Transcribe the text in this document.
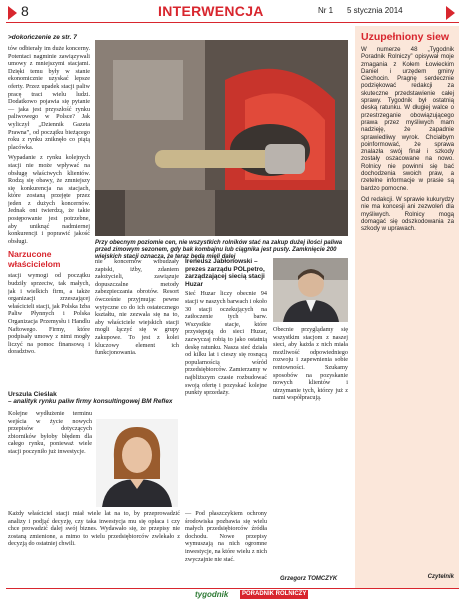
8	INTERWENCJA	Nr 1 5 stycznia 2014
>dokończenie ze str. 7

tów odbierały im duże koncerny. Potentaci nagminie zawiązywali umowy z mniejszymi stacjami. Dzięki temu były w stanie ekonomicznie uzyskać lepsze oferty. Przez upadek stacji paliw pracę traci wielu ludzi. Dodatkowo pojawia się pytanie — jaka jest przyszłość rynku paliwowego w Polsce? Jak wyliczył „Dziennik Gazeta Prawna”, od początku bieżącego roku z rynku zniknęło co piątą placówka.

Wypadanie z rynku kolejnych stacji nie może wpływać na obsługę właściwych klientów. Rodzą się obawy, że zmniejszy się konkurencja na stacjach, które zostaną przejęte przez jeden z dużych koncernów. Jednak oni twierdzą, że takie postępowanie jest potrzebne, aby uniknąć nadmiernej konkurencji i poprawić jakość obsługi.

Narzucone właścicielom

stacji wymogi od początku budziły sprzeciw, tak małych, jak i wielkich firm, a także organizacji zrzeszającej właścicieli stacji, jak Polska Izba Paliw Płynnych i Polska Organizacja Przemysłu i Handlu Naftowego. Firmy, które podpisały umowy z nimi mogły liczyć na pomoc finansową i doradztwo.

Przy obecnym poziomie cen, nie wszystkich rolników stać na zakup dużej ilości paliwa przed zimowym sezonem, gdy bak kombajnu lub ciągnika jest pusty. Zamknięcie 200 wiejskich stacji oznacza, że teraz będą mieli dalej
nie koncernów wibudzały zapiski, iżby, zdaniem założycieli, zawiązuje dopuszczalne metody zabezpieczania obrotów. Resort ówcześnie przyjmując pewne wytyczne co do ich ostatecznego kształtu, nie zezwala się na to, aby właściciele wiejskich stacji mogli łączyć się w grupy zakupowe. To jest z kolei kluczowy element ich funkcjonowania.
Ireneusz Jabłonowski – prezes zarządu POLpetro, zarządzającej siecią stacji Huzar
Sieć Huzar liczy obecnie 94 stacji w naszych barwach i około 30 stacji oczekujących na zatłoczenie tych barw. Wszystkie stacje, które przystępują do sieci Huzar, zazwyczaj robią to jako ostatnią deskę ratunku. Nasza sieć działa od kilku lat i cieszy się rosnącą popularnością wśród przedsiębiorców. Zamierzamy w najbliższym czasie rozbudować swoją ofertę i pozyskać kolejne punkty sprzedaży.
Obecnie przyglądamy się wszystkim stacjom z naszej sieci, aby każda z nich miała możliwość odpowiedniego rozwoju i zapewnienia sobie rentowności. Szukamy sposobów na pozyskanie nowych klientów i utrzymanie tych, którzy już z nami współpracują.
Urszula Cieślak
– analityk rynku paliw firmy konsultingowej BM Reflex
Kolejne wydłużenie terminu wejścia w życie nowych przepisów dotyczących zbiorników byłoby błędem dla całego rynku, ponieważ wiele stacji poczyniło już inwestycje.
Każdy właściciel stacji miał wiele lat na to, by przeprowadzić analizy i podjąć decyzję, czy taka inwestycja mu się opłaca i czy chce prowadzić dalej swój biznes. Wydawało się, że przepisy nie zostaną zmienione, a mimo to wielu przedsiębiorców zwlekało z decyzją do ostatniej chwili.
— Pod płaszczykiem ochrony środowiska pozbawia się wielu małych przedsiębiorców źródła dochodu. Nowe przepisy wymuszają na nich ogromne inwestycje, na które wielu z nich zwyczajnie nie stać.
Grzegorz TOMCZYK
Uzupełniony siew

W numerze 48 „Tygodnik Poradnik Rolniczy” opisywał moje zmagania z Kołem Łowieckim Daniel i urzędem gminy Ciechocin. Pragnę serdecznie podziękować redakcji za skuteczne przedstawienie całej sprawy. Tygodnik był ostatnią deską ratunku. W długiej walce o przestrzeganie obowiązującego prawa przez myśliwych mam nadzieję, że zapadnie sprawiedliwy wyrok. Chciałbym poinformować, że sprawa znalazła swój finał i szkody zostały oszacowane na nowo. Rolnicy nie powinni się bać dochodzenia swoich praw, a rzetelne informacje w prasie są bardzo pomocne.

Od redakcji. W sprawie kukurydzy nie ma koncesji ani zezwoleń dla myśliwych. Rolnicy mogą domagać się odszkodowania za szkody w uprawach.

Czytelnik
tygodnik	PORADNIK ROLNICZY
